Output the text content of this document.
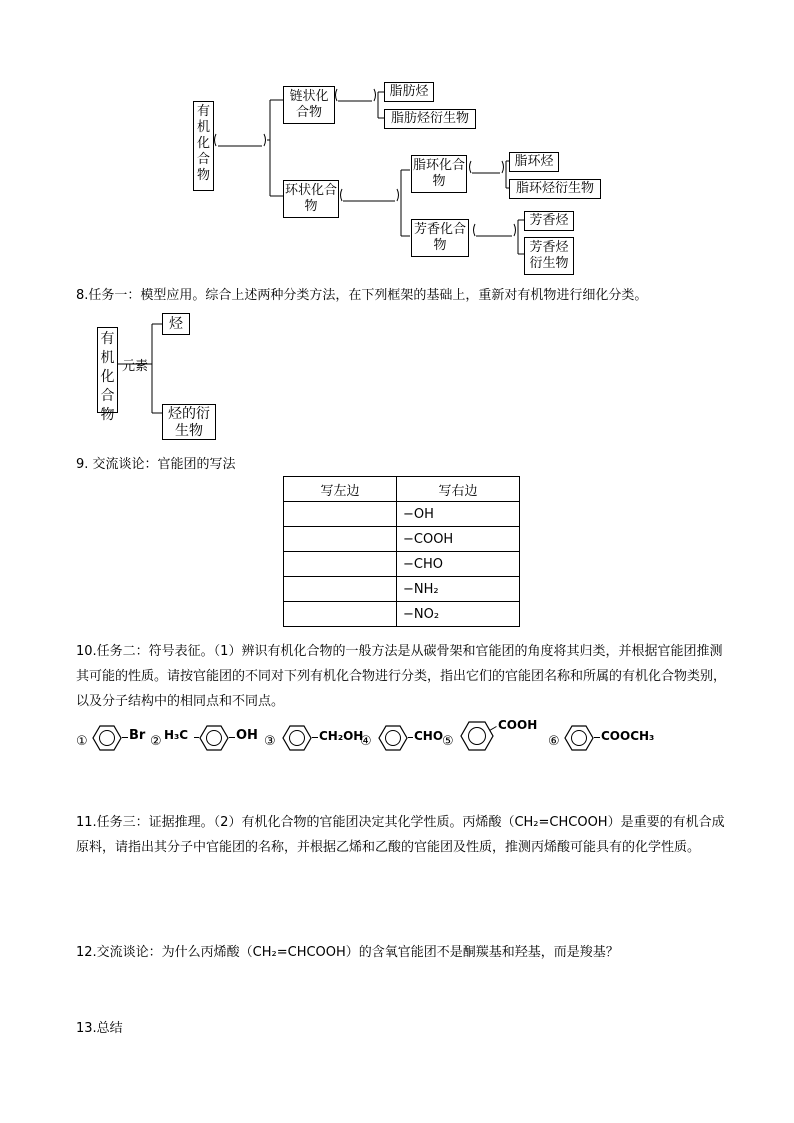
有机化合物
链状化合物
环状化合物
脂肪烃
脂肪烃衍生物
脂环化合物
芳香化合物
脂环烃
脂环烃衍生物
芳香烃
芳香烃衍生物
8.任务一：模型应用。综合上述两种分类方法，在下列框架的基础上，重新对有机物进行细化分类。
有机化合物
元素
烃
烃的衍生物
9. 交流谈论：官能团的写法
写左边	写右边
	−OH
	−COOH
	−CHO
	−NH₂
	−NO₂
10.任务二：符号表征。（1）辨识有机化合物的一般方法是从碳骨架和官能团的角度将其归类，并根据官能团推测其可能的性质。请按官能团的不同对下列有机化合物进行分类，指出它们的官能团名称和所属的有机化合物类别，以及分子结构中的相同点和不同点。
①	Br ② H₃C	OH ③	CH₂OH
④	CHO
⑤
COOH
⑥	COOCH₃
11.任务三：证据推理。（2）有机化合物的官能团决定其化学性质。丙烯酸（CH₂=CHCOOH）是重要的有机合成原料，请指出其分子中官能团的名称，并根据乙烯和乙酸的官能团及性质，推测丙烯酸可能具有的化学性质。
12.交流谈论：为什么丙烯酸（CH₂=CHCOOH）的含氧官能团不是酮羰基和羟基，而是羧基？
13.总结
